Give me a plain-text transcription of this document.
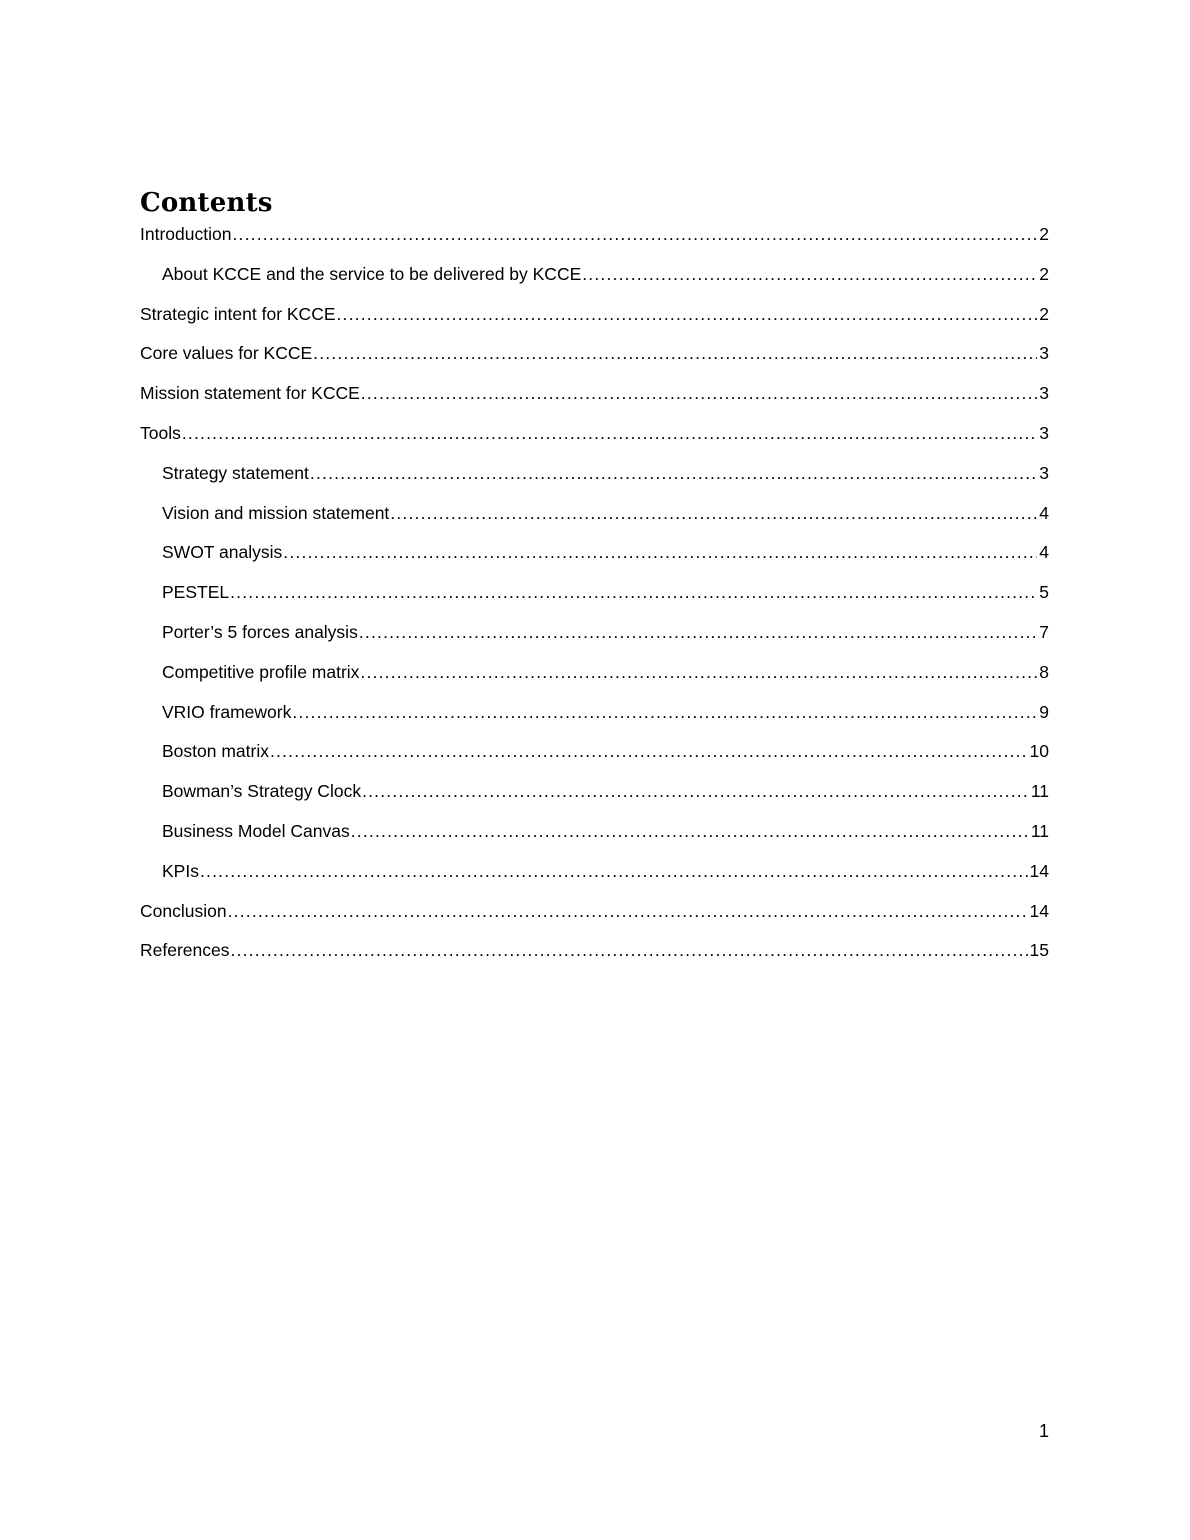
Contents
Introduction .....	2
About KCCE and the service to be delivered by KCCE .....	2
Strategic intent for KCCE .....	2
Core values for KCCE .....	3
Mission statement for KCCE .....	3
Tools .....	3
Strategy statement .....	3
Vision and mission statement .....	4
SWOT analysis .....	4
PESTEL .....	5
Porter’s 5 forces analysis .....	7
Competitive profile matrix .....	8
VRIO framework .....	9
Boston matrix .....	10
Bowman’s Strategy Clock .....	11
Business Model Canvas .....	11
KPIs .....	14
Conclusion .....	14
References .....	15
1
